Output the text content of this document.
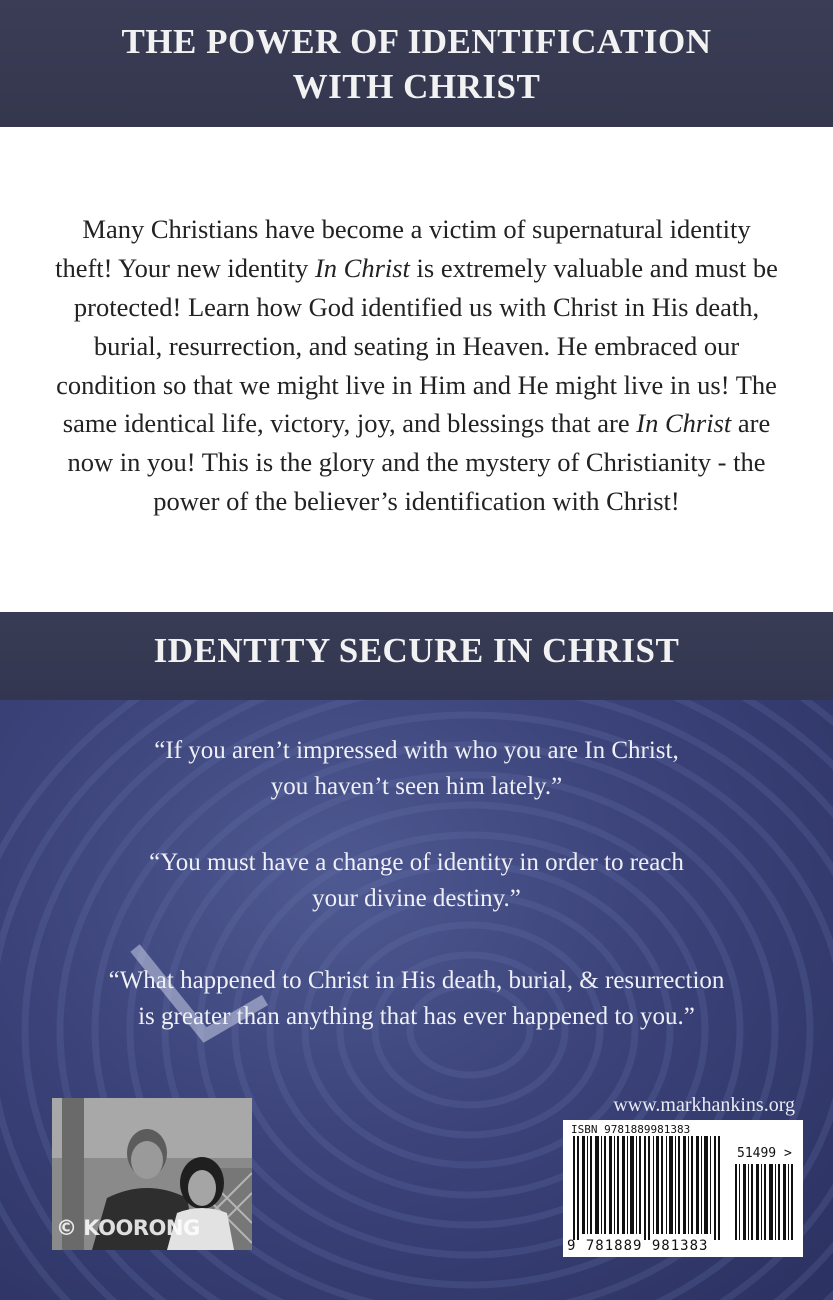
THE POWER OF IDENTIFICATION
WITH CHRIST

Many Christians have become a victim of supernatural identity theft! Your new identity In Christ is extremely valuable and must be protected! Learn how God identified us with Christ in His death, burial, resurrection, and seating in Heaven. He embraced our condition so that we might live in Him and He might live in us! The same identical life, victory, joy, and blessings that are In Christ are now in you! This is the glory and the mystery of Christianity - the power of the believer’s identification with Christ!

IDENTITY SECURE IN CHRIST

“If you aren’t impressed with who you are In Christ,
you haven’t seen him lately.”

“You must have a change of identity in order to reach
your divine destiny.”

“What happened to Christ in His death, burial, & resurrection
is greater than anything that has ever happened to you.”

© KOORONG

www.markhankins.org

ISBN 9781889981383
51499 >
9 781889 981383
